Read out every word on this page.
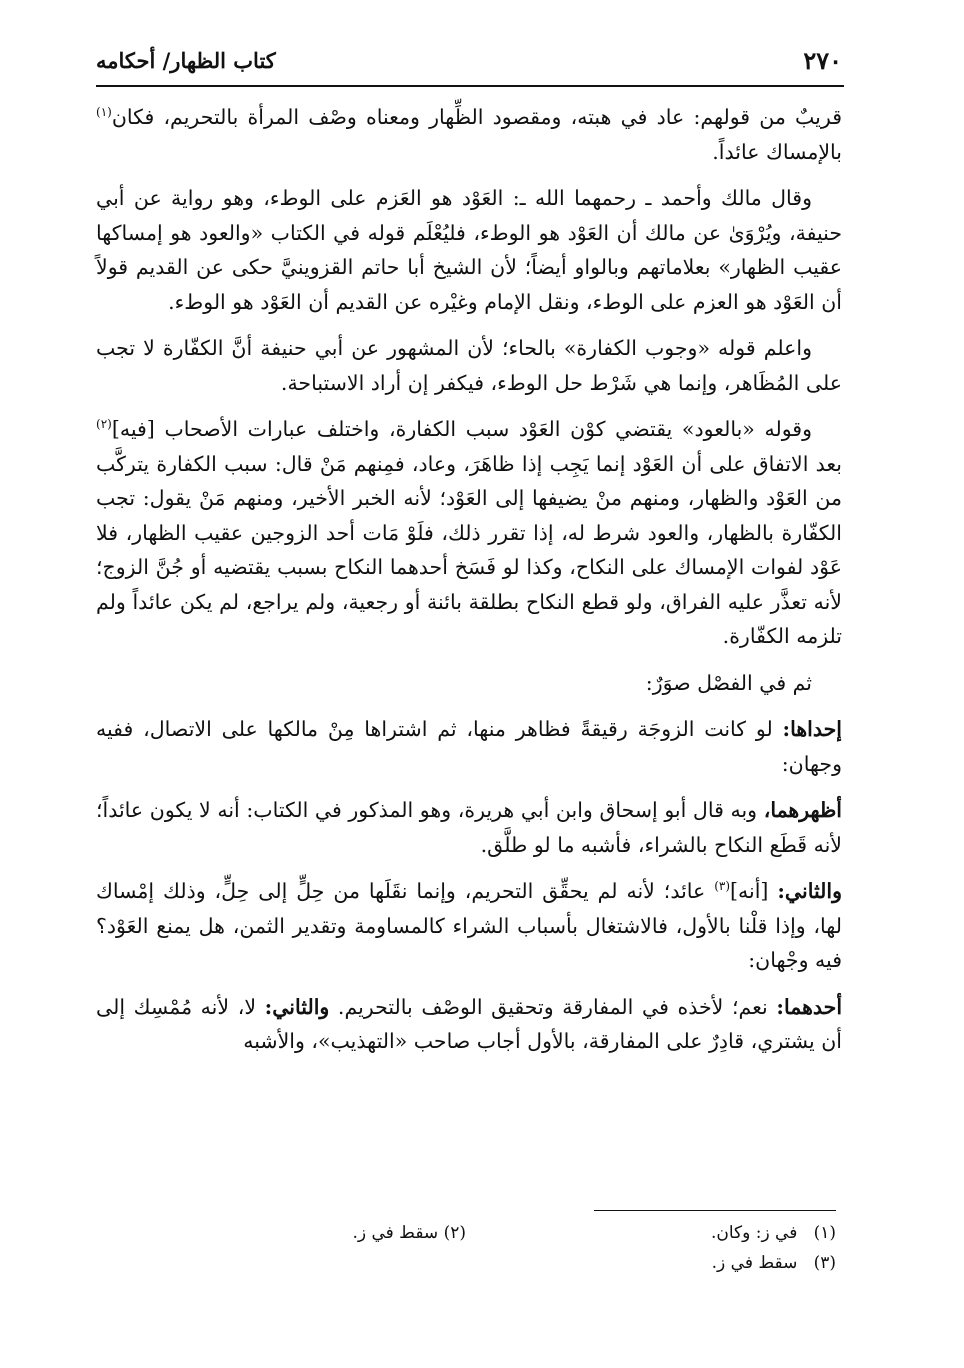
٢٧٠
كتاب الظهار/ أحكامه

قريبٌ من قولهم: عاد في هبته، ومقصود الظِّهار ومعناه وصْف المرأة بالتحريم، فكان$^{(١)}$ بالإمساك عائداً.

وقال مالك وأحمد ـ رحمهما الله ـ: العَوْد هو العَزم على الوطء، وهو رواية عن أبي حنيفة، ويُرْوَىٰ عن مالك أن العَوْد هو الوطء، فليُعْلَم قوله في الكتاب «والعود هو إمساكها عقيب الظهار» بعلاماتهم وبالواو أيضاً؛ لأن الشيخ أبا حاتم القزوينيَّ حكى عن القديم قولاً أن العَوْد هو العزم على الوطء، ونقل الإمام وغيْره عن القديم أن العَوْد هو الوطء.

واعلم قوله «وجوب الكفارة» بالحاء؛ لأن المشهور عن أبي حنيفة أنَّ الكفّارة لا تجب على المُظَاهر، وإنما هي شَرْط حل الوطء، فيكفر إن أراد الاستباحة.

وقوله «بالعود» يقتضي كوْن العَوْد سبب الكفارة، واختلف عبارات الأصحاب [فيه]$^{(٢)}$ بعد الاتفاق على أن العَوْد إنما يَجِب إذا ظاهَرَ، وعاد، فمِنهم مَنْ قال: سبب الكفارة يتركَّب من العَوْد والظهار، ومنهم منْ يضيفها إلى العَوْد؛ لأنه الخبر الأخير، ومنهم مَنْ يقول: تجب الكفّارة بالظهار، والعود شرط له، إذا تقرر ذلك، فلَوْ مَات أحد الزوجين عقيب الظهار، فلا عَوْد لفوات الإمساك على النكاح، وكذا لو فَسَخ أحدهما النكاح بسبب يقتضيه أو جُنَّ الزوج؛ لأنه تعذَّر عليه الفراق، ولو قطع النكاح بطلقة بائنة أو رجعية، ولم يراجع، لم يكن عائداً ولم تلزمه الكفّارة.

ثم في الفصْل صوَرٌ:

إحداها: لو كانت الزوجَة رقيقةً فظاهر منها، ثم اشتراها مِنْ مالكها على الاتصال، ففيه وجهان:

أظهرهما، وبه قال أبو إسحاق وابن أبي هريرة، وهو المذكور في الكتاب: أنه لا يكون عائداً؛ لأنه قَطَع النكاح بالشراء، فأشبه ما لو طلَّق.

والثاني: [أنه]$^{(٣)}$ عائد؛ لأنه لم يحقِّق التحريم، وإنما نقَلَها من حِلٍّ إلى حِلٍّ، وذلك إمْساك لها، وإذا قلْنا بالأول، فالاشتغال بأسباب الشراء كالمساومة وتقدير الثمن، هل يمنع العَوْد؟ فيه وجْهان:

أحدهما: نعم؛ لأخذه في المفارقة وتحقيق الوصْف بالتحريم. والثاني: لا، لأنه مُمْسِك إلى أن يشتري، قادِرٌ على المفارقة، بالأول أجاب صاحب «التهذيب»، والأشبه

(١)   في ز: وكان.
(٢) سقط في ز.
(٣)   سقط في ز.
